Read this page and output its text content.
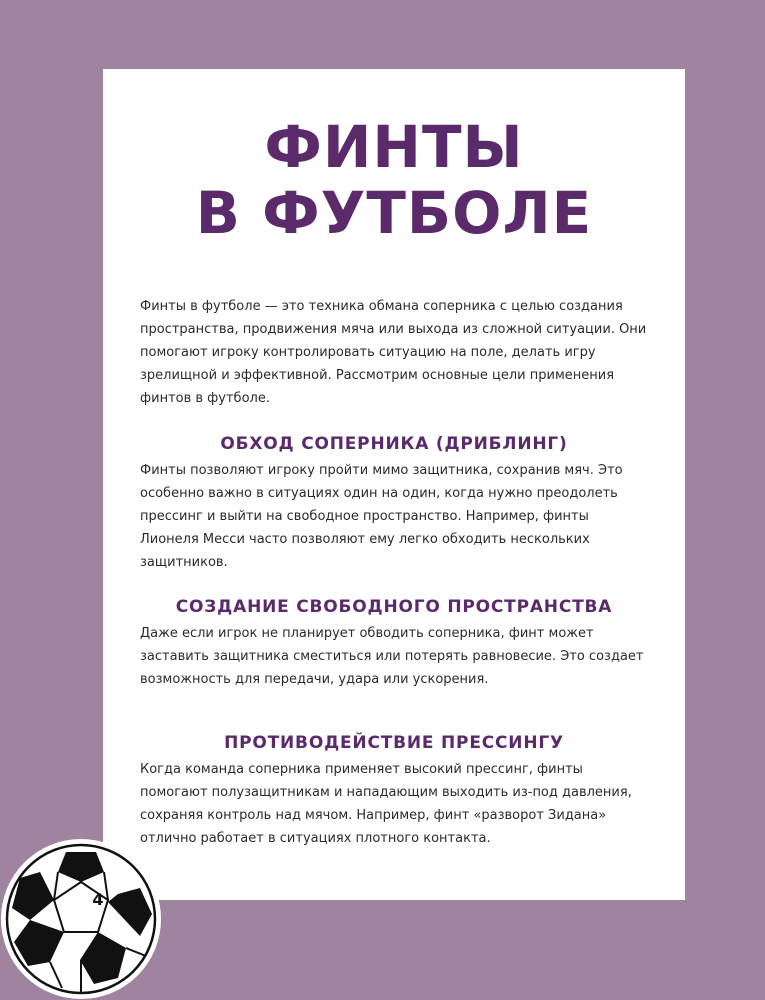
ФИНТЫ
В ФУТБОЛЕ

Финты в футболе — это техника обмана соперника с целью создания пространства, продвижения мяча или выхода из сложной ситуации. Они помогают игроку контролировать ситуацию на поле, делать игру зрелищной и эффективной. Рассмотрим основные цели применения финтов в футболе.

ОБХОД СОПЕРНИКА (ДРИБЛИНГ)

Финты позволяют игроку пройти мимо защитника, сохранив мяч. Это особенно важно в ситуациях один на один, когда нужно преодолеть прессинг и выйти на свободное пространство. Например, финты Лионеля Месси часто позволяют ему легко обходить нескольких защитников.

СОЗДАНИЕ СВОБОДНОГО ПРОСТРАНСТВА

Даже если игрок не планирует обводить соперника, финт может заставить защитника сместиться или потерять равновесие. Это создает возможность для передачи, удара или ускорения.

ПРОТИВОДЕЙСТВИЕ ПРЕССИНГУ

Когда команда соперника применяет высокий прессинг, финты помогают полузащитникам и нападающим выходить из-под давления, сохраняя контроль над мячом. Например, финт «разворот Зидана» отлично работает в ситуациях плотного контакта.

4
